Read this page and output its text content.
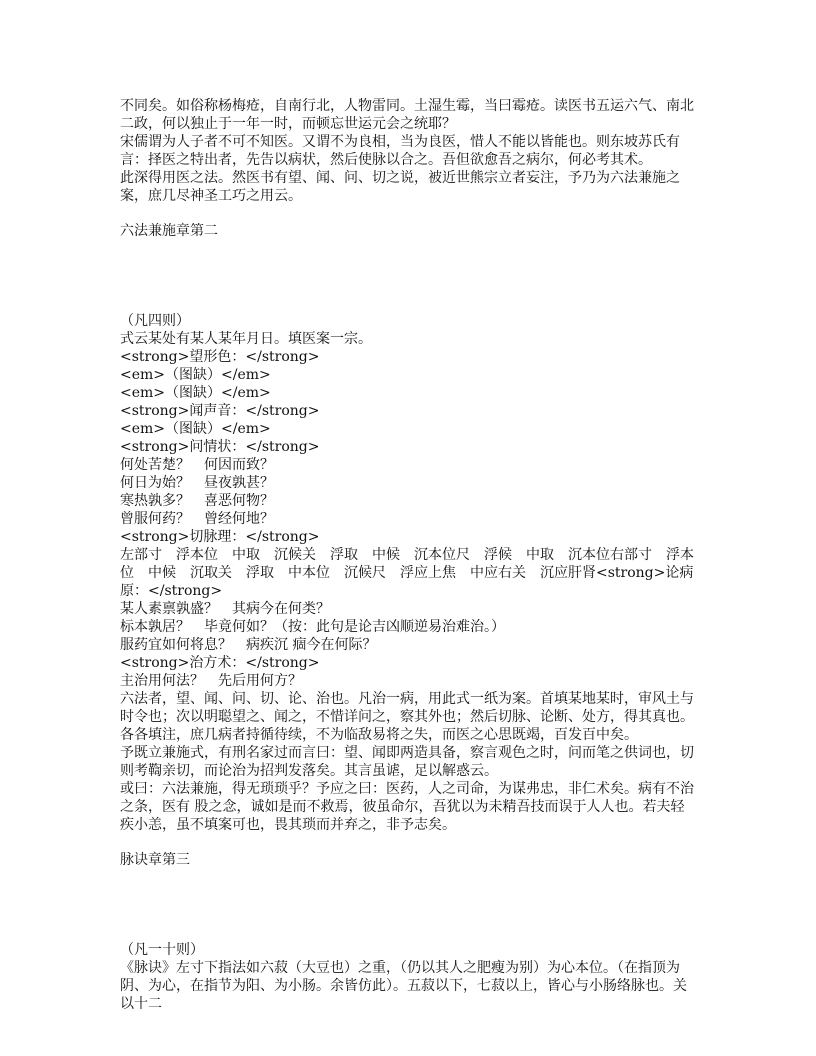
不同矣。如俗称杨梅疮，自南行北，人物雷同。土湿生霉，当曰霉疮。读医书五运六气、南北二政，何以独止于一年一时，而顿忘世运元会之统耶？
宋儒谓为人子者不可不知医。又谓不为良相，当为良医，惜人不能以皆能也。则东坡苏氏有言：择医之特出者，先告以病状，然后使脉以合之。吾但欲愈吾之病尔，何必考其术。
此深得用医之法。然医书有望、闻、问、切之说，被近世熊宗立者妄注，予乃为六法兼施之案，庶几尽神圣工巧之用云。
六法兼施章第二
（凡四则）
式云某处有某人某年月日。填医案一宗。
<strong>望形色：</strong>
<em>（图缺）</em>
<em>（图缺）</em>
<strong>闻声音：</strong>
<em>（图缺）</em>
<strong>问情状：</strong>
何处苦楚？　何因而致？
何日为始？　昼夜孰甚？
寒热孰多？　喜恶何物？
曾服何药？　曾经何地？
<strong>切脉理：</strong>
左部寸　浮本位　中取　沉候关　浮取　中候　沉本位尺　浮候　中取　沉本位右部寸　浮本位　中候　沉取关　浮取　中本位　沉候尺　浮应上焦　中应右关　沉应肝肾<strong>论病原：</strong>
某人素禀孰盛？　其病今在何类？
标本孰居？　毕竟何如？（按：此句是论吉凶顺逆易治难治。）
服药宜如何将息？　病疾沉 痼今在何际？
<strong>治方术：</strong>
主治用何法？　先后用何方？
六法者，望、闻、问、切、论、治也。凡治一病，用此式一纸为案。首填某地某时，审风土与时令也；次以明聪望之、闻之，不惜详问之，察其外也；然后切脉、论断、处方，得其真也。各各填注，庶几病者持循待续，不为临敌易将之失，而医之心思既竭，百发百中矣。
予既立兼施式，有刑名家过而言曰：望、闻即两造具备，察言观色之时，问而笔之供词也，切则考鞫亲切，而论治为招判发落矣。其言虽谑，足以解惑云。
或曰：六法兼施，得无琐琐乎？予应之曰：医药，人之司命，为谋弗忠，非仁术矣。病有不治之条，医有 股之念，诚如是而不救焉，彼虽命尔，吾犹以为未精吾技而误于人人也。若夫轻疾小恙，虽不填案可也，畏其琐而并弃之，非予志矣。
脉诀章第三
（凡一十则）
《脉诀》左寸下指法如六菽（大豆也）之重，（仍以其人之肥瘦为别）为心本位。（在指顶为阴、为心，在指节为阳、为小肠。余皆仿此）。五菽以下，七菽以上，皆心与小肠络脉也。关以十二
